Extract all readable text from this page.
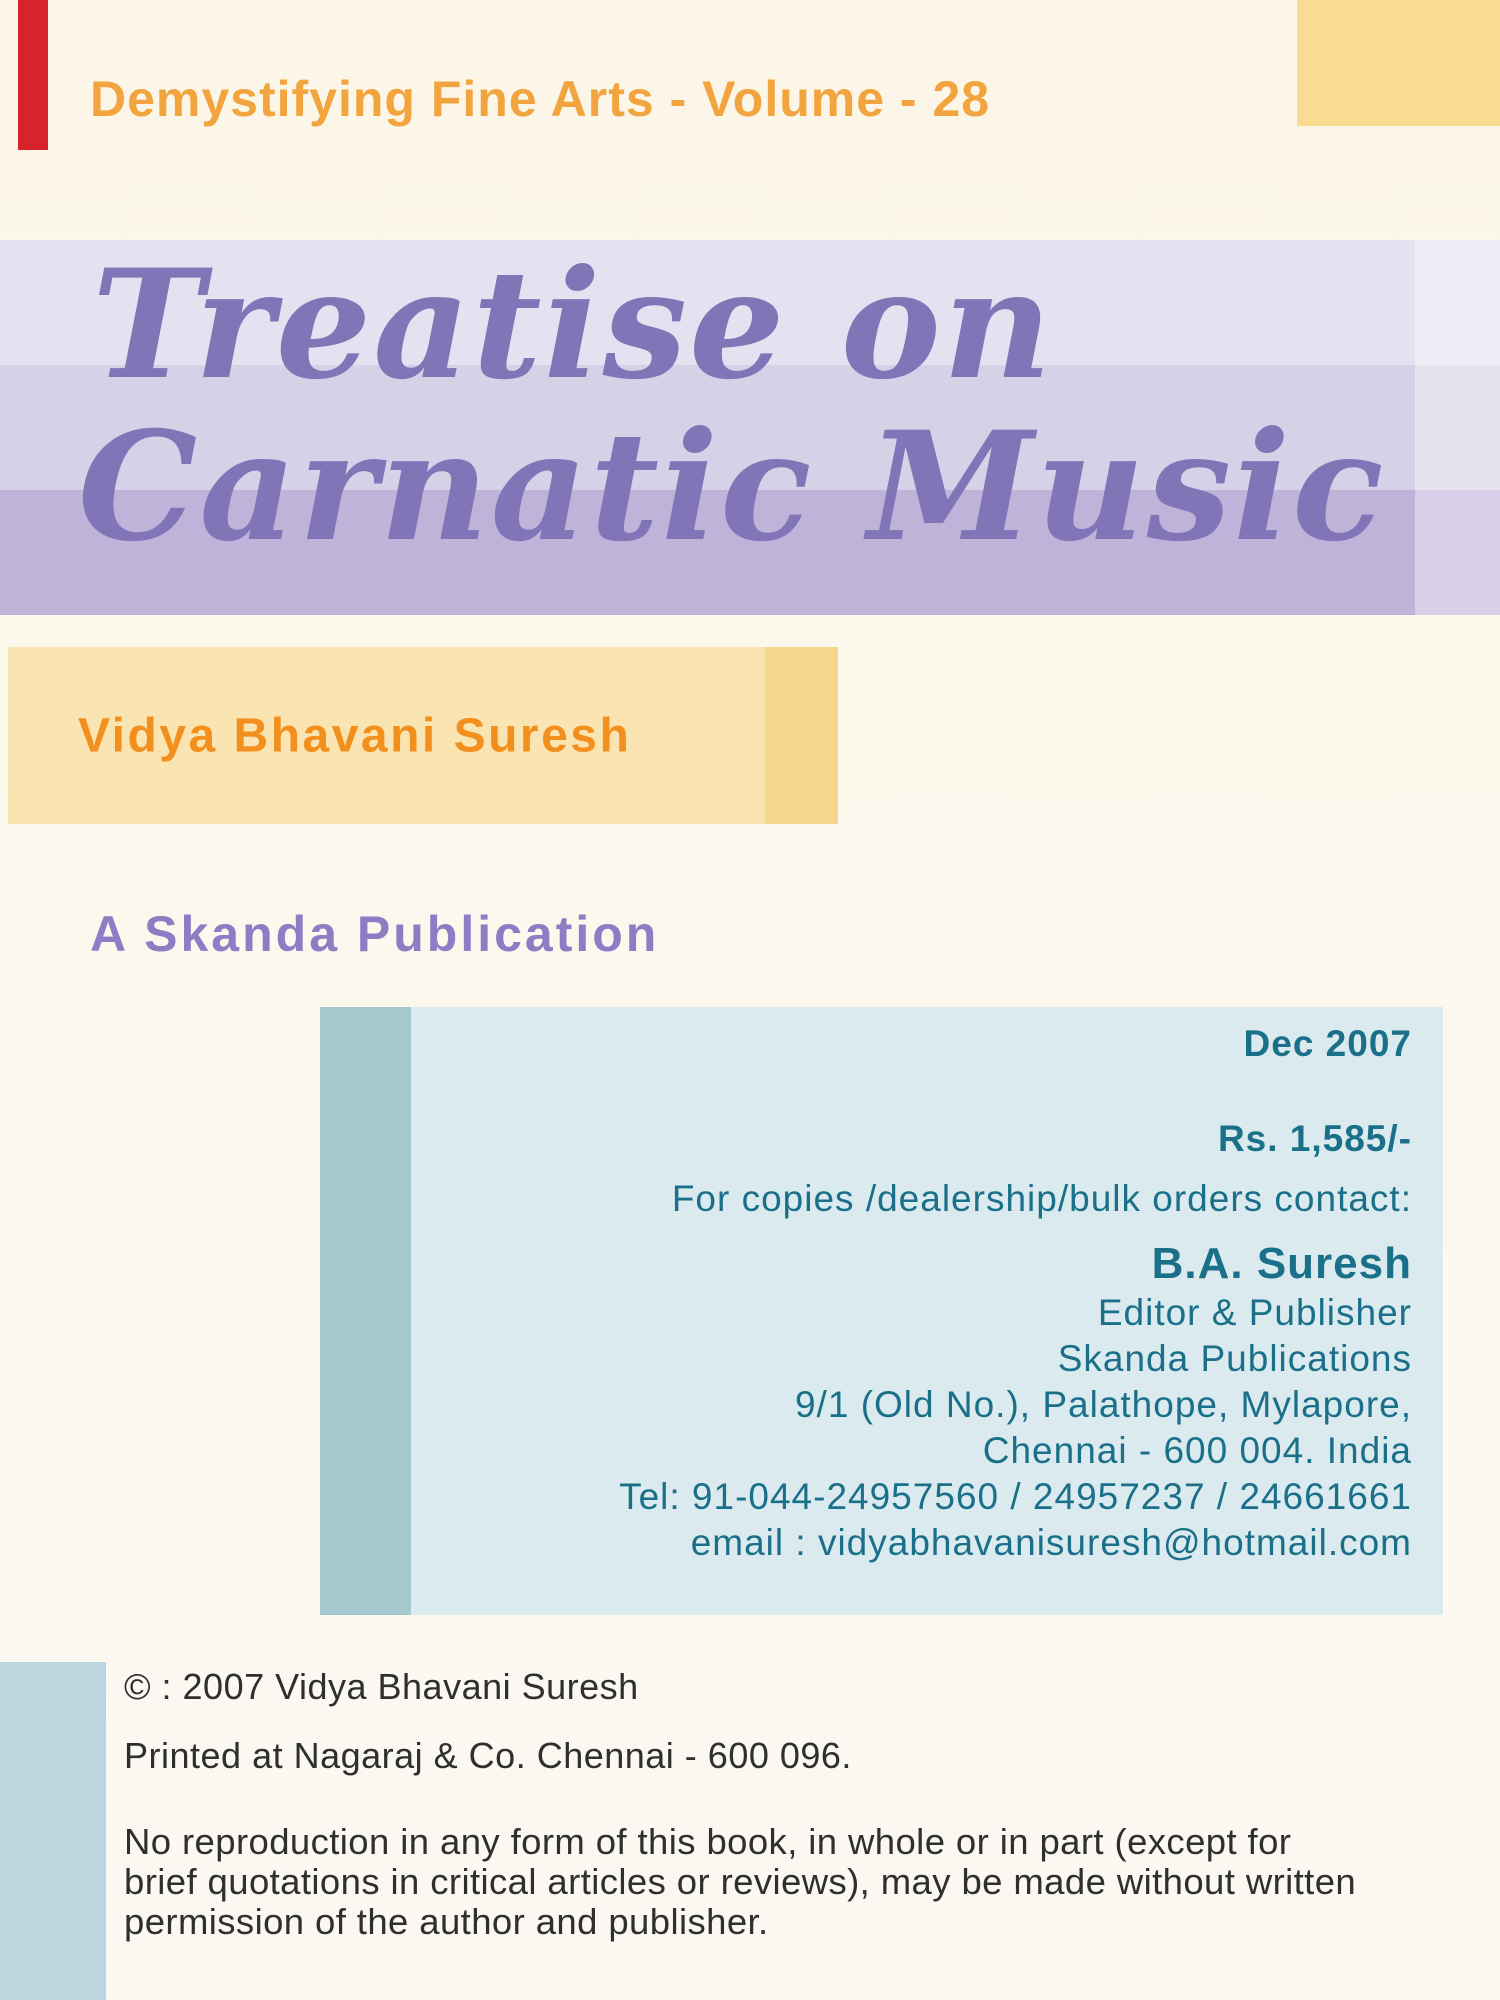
Demystifying Fine Arts - Volume - 28
Treatise on
Carnatic Music
Vidya Bhavani Suresh
A Skanda Publication
Dec 2007
Rs. 1,585/-
For copies /dealership/bulk orders contact:
B.A. Suresh
Editor & Publisher
Skanda Publications
9/1 (Old No.), Palathope, Mylapore,
Chennai - 600 004. India
Tel: 91-044-24957560 / 24957237 / 24661661
email : vidyabhavanisuresh@hotmail.com
© : 2007 Vidya Bhavani Suresh
Printed at Nagaraj & Co. Chennai - 600 096.
No reproduction in any form of this book, in whole or in part (except for
brief quotations in critical articles or reviews), may be made without written
permission of the author and publisher.
